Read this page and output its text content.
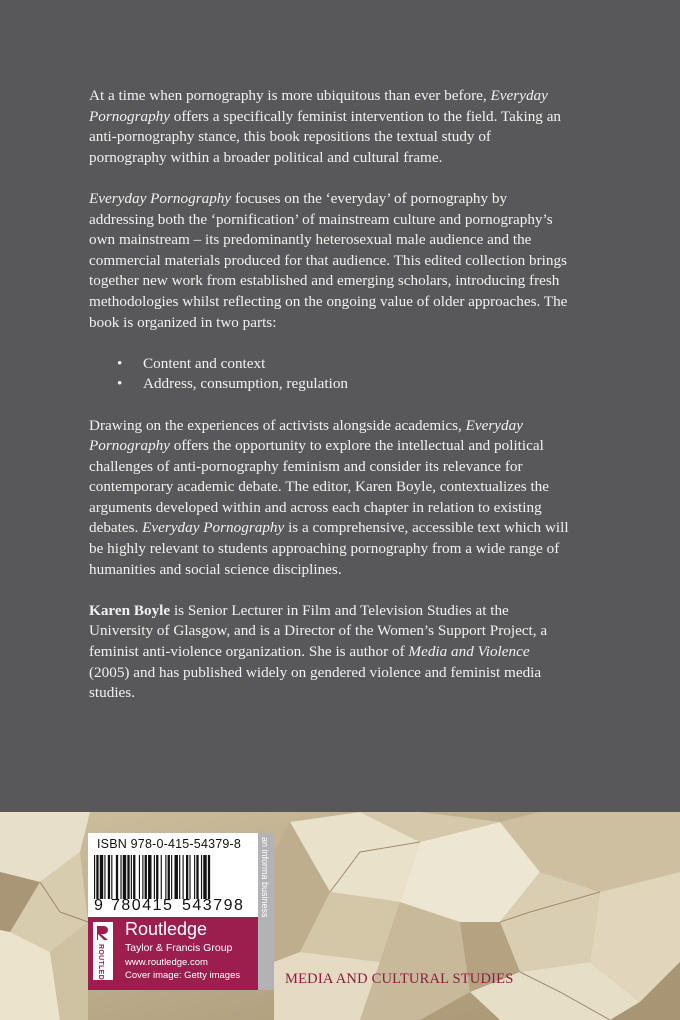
At a time when pornography is more ubiquitous than ever before, Everyday Pornography offers a specifically feminist intervention to the field. Taking an anti-pornography stance, this book repositions the textual study of pornography within a broader political and cultural frame.

Everyday Pornography focuses on the ‘everyday’ of pornography by addressing both the ‘pornification’ of mainstream culture and pornography’s own mainstream – its predominantly heterosexual male audience and the commercial materials produced for that audience. This edited collection brings together new work from established and emerging scholars, introducing fresh methodologies whilst reflecting on the ongoing value of older approaches. The book is organized in two parts:

• Content and context
• Address, consumption, regulation

Drawing on the experiences of activists alongside academics, Everyday Pornography offers the opportunity to explore the intellectual and political challenges of anti-pornography feminism and consider its relevance for contemporary academic debate. The editor, Karen Boyle, contextualizes the arguments developed within and across each chapter in relation to existing debates. Everyday Pornography is a comprehensive, accessible text which will be highly relevant to students approaching pornography from a wide range of humanities and social science disciplines.

Karen Boyle is Senior Lecturer in Film and Television Studies at the University of Glasgow, and is a Director of the Women’s Support Project, a feminist anti-violence organization. She is author of Media and Violence (2005) and has published widely on gendered violence and feminist media studies.

ISBN 978-0-415-54379-8
9 780415 543798 an informa business
ROUTLEDGE
Routledge
Taylor & Francis Group
www.routledge.com
Cover image: Getty images	MEDIA AND CULTURAL STUDIES
